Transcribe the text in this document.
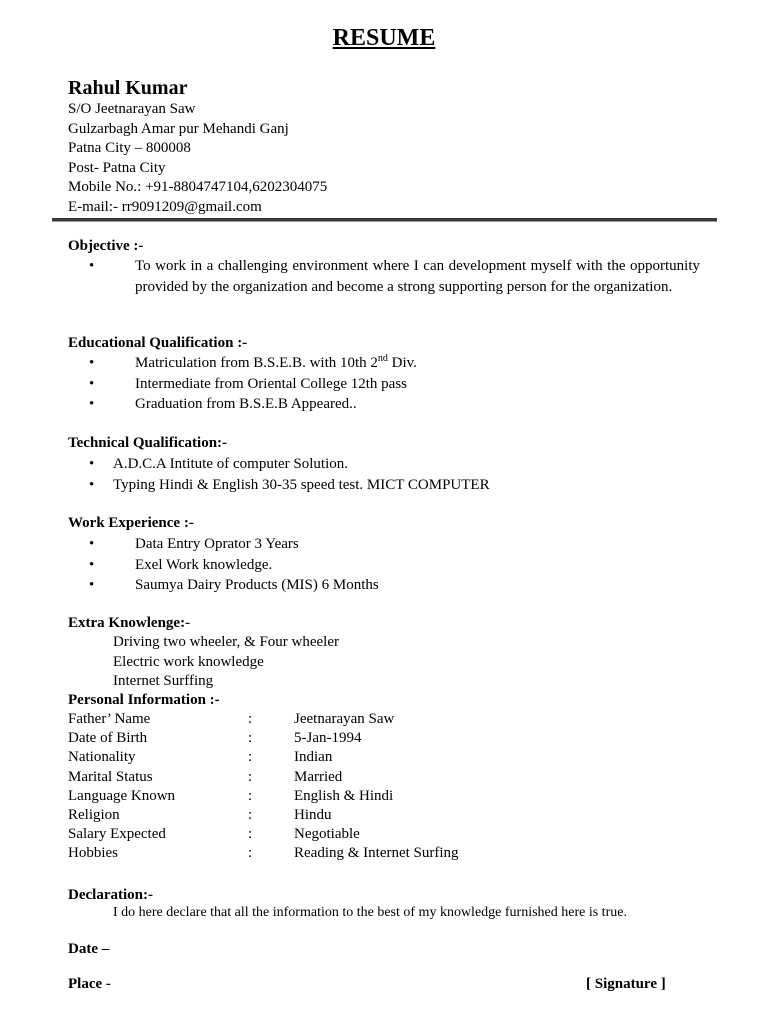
RESUME
Rahul Kumar
S/O Jeetnarayan Saw
Gulzarbagh Amar pur Mehandi Ganj
Patna City – 800008
Post- Patna City
Mobile No.: +91-8804747104,6202304075
E-mail:- rr9091209@gmail.com
Objective :-
•	To work in a challenging environment where I can development myself with the opportunity provided by the organization and become a strong supporting person for the organization.
Educational Qualification :-
•	Matriculation from B.S.E.B. with 10th 2nd Div.
•	Intermediate from Oriental College 12th pass
•	Graduation from B.S.E.B Appeared..
Technical Qualification:-
•	A.D.C.A Intitute of computer Solution.
•	Typing Hindi & English 30-35 speed test. MICT COMPUTER
Work Experience :-
•	Data Entry Oprator 3 Years
•	Exel Work knowledge.
•	Saumya Dairy Products (MIS) 6 Months
Extra Knowlenge:-
Driving two wheeler, & Four wheeler
Electric work knowledge
Internet Surffing
Personal Information :-
Father’ Name	:	Jeetnarayan Saw
Date of Birth	:	5-Jan-1994
Nationality	:	Indian
Marital Status	:	Married
Language Known	:	English & Hindi
Religion	:	Hindu
Salary Expected	:	Negotiable
Hobbies	:	Reading & Internet Surfing
Declaration:-
I do here declare that all the information to the best of my knowledge furnished here is true.
Date –
Place -	[ Signature ]
